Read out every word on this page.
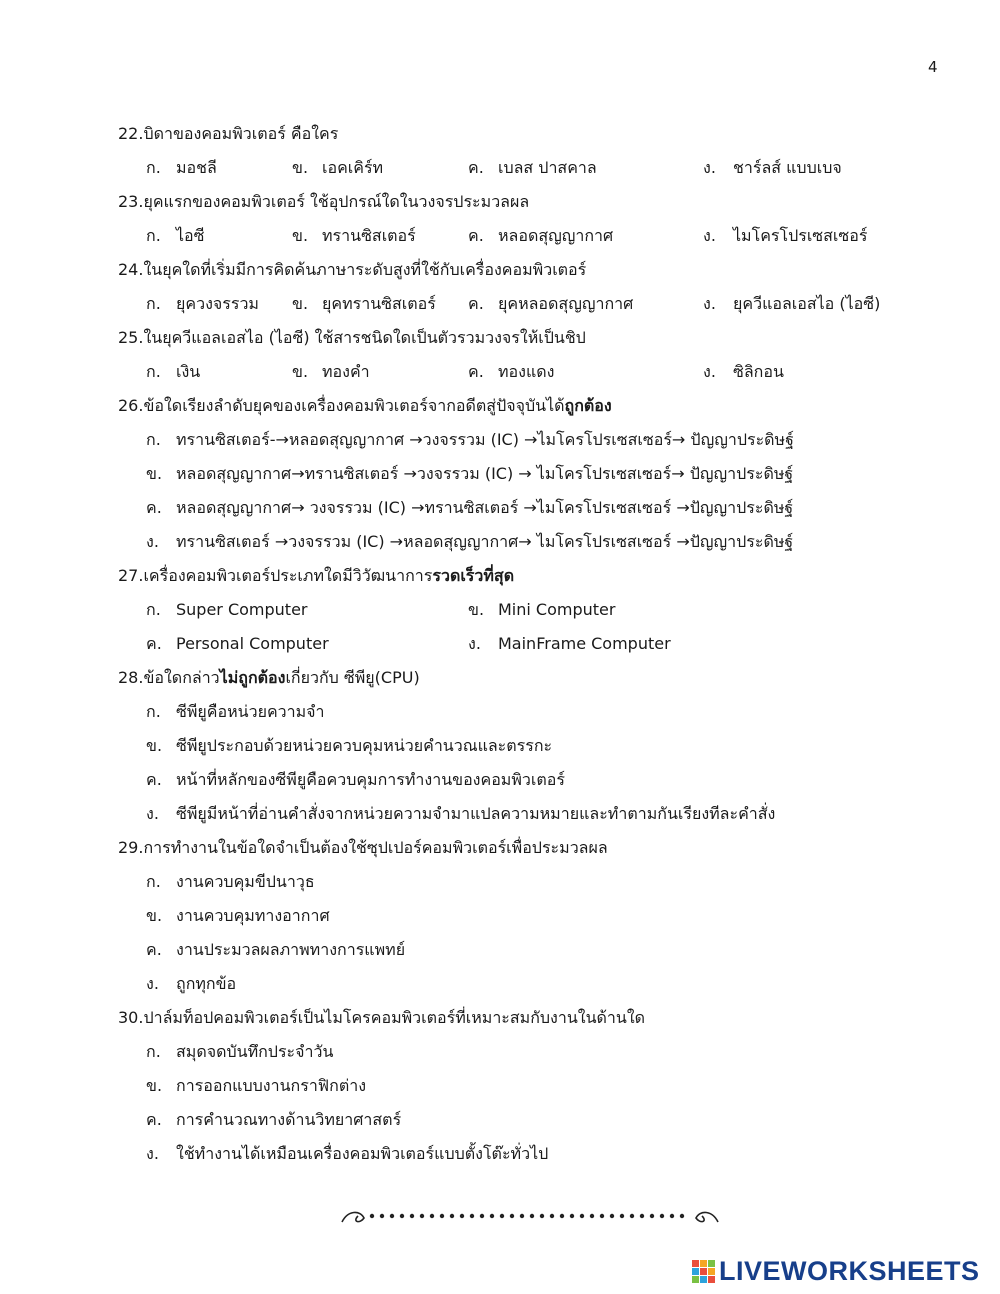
4
22.บิดาของคอมพิวเตอร์ คือใคร
ก. มอชลี	ข. เอคเคิร์ท	ค. เบลส ปาสคาล	ง. ชาร์ลส์ แบบเบจ
23.ยุคแรกของคอมพิวเตอร์ ใช้อุปกรณ์ใดในวงจรประมวลผล
ก. ไอซี	ข. ทรานซิสเตอร์	ค. หลอดสุญญากาศ	ง. ไมโครโปรเซสเซอร์
24.ในยุคใดที่เริ่มมีการคิดค้นภาษาระดับสูงที่ใช้กับเครื่องคอมพิวเตอร์
ก. ยุควงจรรวม ข. ยุคทรานซิสเตอร์ ค. ยุคหลอดสุญญากาศ	ง. ยุควีแอลเอสไอ (ไอซี)
25.ในยุควีแอลเอสไอ (ไอซี) ใช้สารชนิดใดเป็นตัวรวมวงจรให้เป็นชิป
ก. เงิน	ข. ทองคำ	ค. ทองแดง	ง. ซิลิกอน
26.ข้อใดเรียงลำดับยุคของเครื่องคอมพิวเตอร์จากอดีตสู่ปัจจุบันได้ถูกต้อง
ก. ทรานซิสเตอร์-→หลอดสุญญากาศ →วงจรรวม (IC) →ไมโครโปรเซสเซอร์→ ปัญญาประดิษฐ์
ข. หลอดสุญญากาศ→ทรานซิสเตอร์ →วงจรรวม (IC) → ไมโครโปรเซสเซอร์→ ปัญญาประดิษฐ์
ค. หลอดสุญญากาศ→ วงจรรวม (IC) →ทรานซิสเตอร์ →ไมโครโปรเซสเซอร์ →ปัญญาประดิษฐ์
ง. ทรานซิสเตอร์ →วงจรรวม (IC) →หลอดสุญญากาศ→ ไมโครโปรเซสเซอร์ →ปัญญาประดิษฐ์
27.เครื่องคอมพิวเตอร์ประเภทใดมีวิวัฒนาการรวดเร็วที่สุด
ก. Super Computer	ข. Mini Computer
ค. Personal Computer	ง. MainFrame Computer
28.ข้อใดกล่าวไม่ถูกต้องเกี่ยวกับ ซีพียู(CPU)
ก. ซีพียูคือหน่วยความจำ
ข. ซีพียูประกอบด้วยหน่วยควบคุมหน่วยคำนวณและตรรกะ
ค. หน้าที่หลักของซีพียูคือควบคุมการทำงานของคอมพิวเตอร์
ง. ซีพียูมีหน้าที่อ่านคำสั่งจากหน่วยความจำมาแปลความหมายและทำตามกันเรียงทีละคำสั่ง
29.การทำงานในข้อใดจำเป็นต้องใช้ซุปเปอร์คอมพิวเตอร์เพื่อประมวลผล
ก. งานควบคุมขีปนาวุธ
ข. งานควบคุมทางอากาศ
ค. งานประมวลผลภาพทางการแพทย์
ง. ถูกทุกข้อ
30.ปาล์มท็อปคอมพิวเตอร์เป็นไมโครคอมพิวเตอร์ที่เหมาะสมกับงานในด้านใด
ก. สมุดจดบันทึกประจำวัน
ข. การออกแบบงานกราฟิกต่าง
ค. การคำนวณทางด้านวิทยาศาสตร์
ง. ใช้ทำงานได้เหมือนเครื่องคอมพิวเตอร์แบบตั้งโต๊ะทั่วไป
LIVEWORKSHEETS
